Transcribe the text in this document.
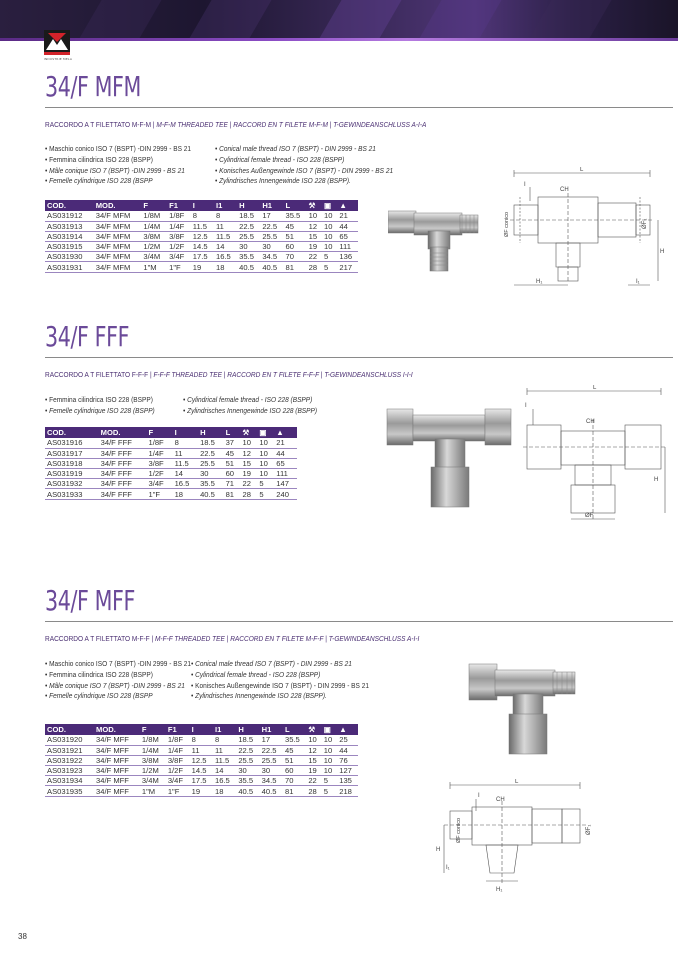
INDUSTRIE MELA
34/F MFM
RACCORDO A T FILETTATO M-F-M | M-F-M THREADED TEE | RACCORD EN T FILETE M-F-M | T-GEWINDEANSCHLUSS A-I-A
• Maschio conico ISO 7 (BSPT) -DIN 2999 - BS 21
• Femmina cilindrica ISO 228 (BSPP)
• Mâle conique ISO 7 (BSPT) -DIN 2999 - BS 21
• Femelle cylindrique ISO 228 (BSPP
• Conical male thread ISO 7 (BSPT) - DIN 2999 - BS 21
• Cylindrical female thread - ISO 228 (BSPP)
• Konisches Außengewinde ISO 7 (BSPT) - DIN 2999 - BS 21
• Zylindrisches Innengewinde ISO 228 (BSPP).
COD.	MOD.	F	F1	I	I1	H	H1	L	⚒	▣	▲
AS031912	34/F MFM	1/8M	1/8F	8	8	18.5	17	35.5	10	10	21
AS031913	34/F MFM	1/4M	1/4F	11.5	11	22.5	22.5	45	12	10	44
AS031914	34/F MFM	3/8M	3/8F	12.5	11.5	25.5	25.5	51	15	10	65
AS031915	34/F MFM	1/2M	1/2F	14.5	14	30	30	60	19	10	111
AS031930	34/F MFM	3/4M	3/4F	17.5	16.5	35.5	34.5	70	22	5	136
AS031931	34/F MFM	1"M	1"F	19	18	40.5	40.5	81	28	5	217
L
I
CH
ØF conico	ØF₁
H
H₁	I₁
34/F FFF
RACCORDO A T FILETTATO F-F-F | F-F-F THREADED TEE | RACCORD EN T FILETE F-F-F | T-GEWINDEANSCHLUSS I-I-I
• Femmina cilindrica ISO 228 (BSPP)
• Femelle cylindrique ISO 228 (BSPP)
• Cylindrical female thread - ISO 228 (BSPP)
• Zylindrisches Innengewinde ISO 228 (BSPP)
COD.	MOD.	F	I	H	L	⚒	▣	▲
AS031916	34/F FFF	1/8F	8	18.5	37	10	10	21
AS031917	34/F FFF	1/4F	11	22.5	45	12	10	44
AS031918	34/F FFF	3/8F	11.5	25.5	51	15	10	65
AS031919	34/F FFF	1/2F	14	30	60	19	10	111
AS031932	34/F FFF	3/4F	16.5	35.5	71	22	5	147
AS031933	34/F FFF	1"F	18	40.5	81	28	5	240
L
I
CH
H
ØF
34/F MFF
RACCORDO A T FILETTATO M-F-F | M-F-F THREADED TEE | RACCORD EN T FILETE M-F-F | T-GEWINDEANSCHLUSS A-I-I
• Maschio conico ISO 7 (BSPT) -DIN 2999 - BS 21
• Femmina cilindrica ISO 228 (BSPP)
• Mâle conique ISO 7 (BSPT) -DIN 2999 - BS 21
• Femelle cylindrique ISO 228 (BSPP
• Conical male thread ISO 7 (BSPT) - DIN 2999 - BS 21
• Cylindrical female thread - ISO 228 (BSPP)
• Konisches Außengewinde ISO 7 (BSPT) - DIN 2999 - BS 21
• Zylindrisches Innengewinde ISO 228 (BSPP).
COD.	MOD.	F	F1	I	I1	H	H1	L	⚒	▣	▲
AS031920	34/F MFF	1/8M	1/8F	8	8	18.5	17	35.5	10	10	25
AS031921	34/F MFF	1/4M	1/4F	11	11	22.5	22.5	45	12	10	44
AS031922	34/F MFF	3/8M	3/8F	12.5	11.5	25.5	25.5	51	15	10	76
AS031923	34/F MFF	1/2M	1/2F	14.5	14	30	30	60	19	10	127
AS031934	34/F MFF	3/4M	3/4F	17.5	16.5	35.5	34.5	70	22	5	135
AS031935	34/F MFF	1"M	1"F	19	18	40.5	40.5	81	28	5	218
L
I
CH
ØF conico	ØF₁
H
H₁
I₁
38
